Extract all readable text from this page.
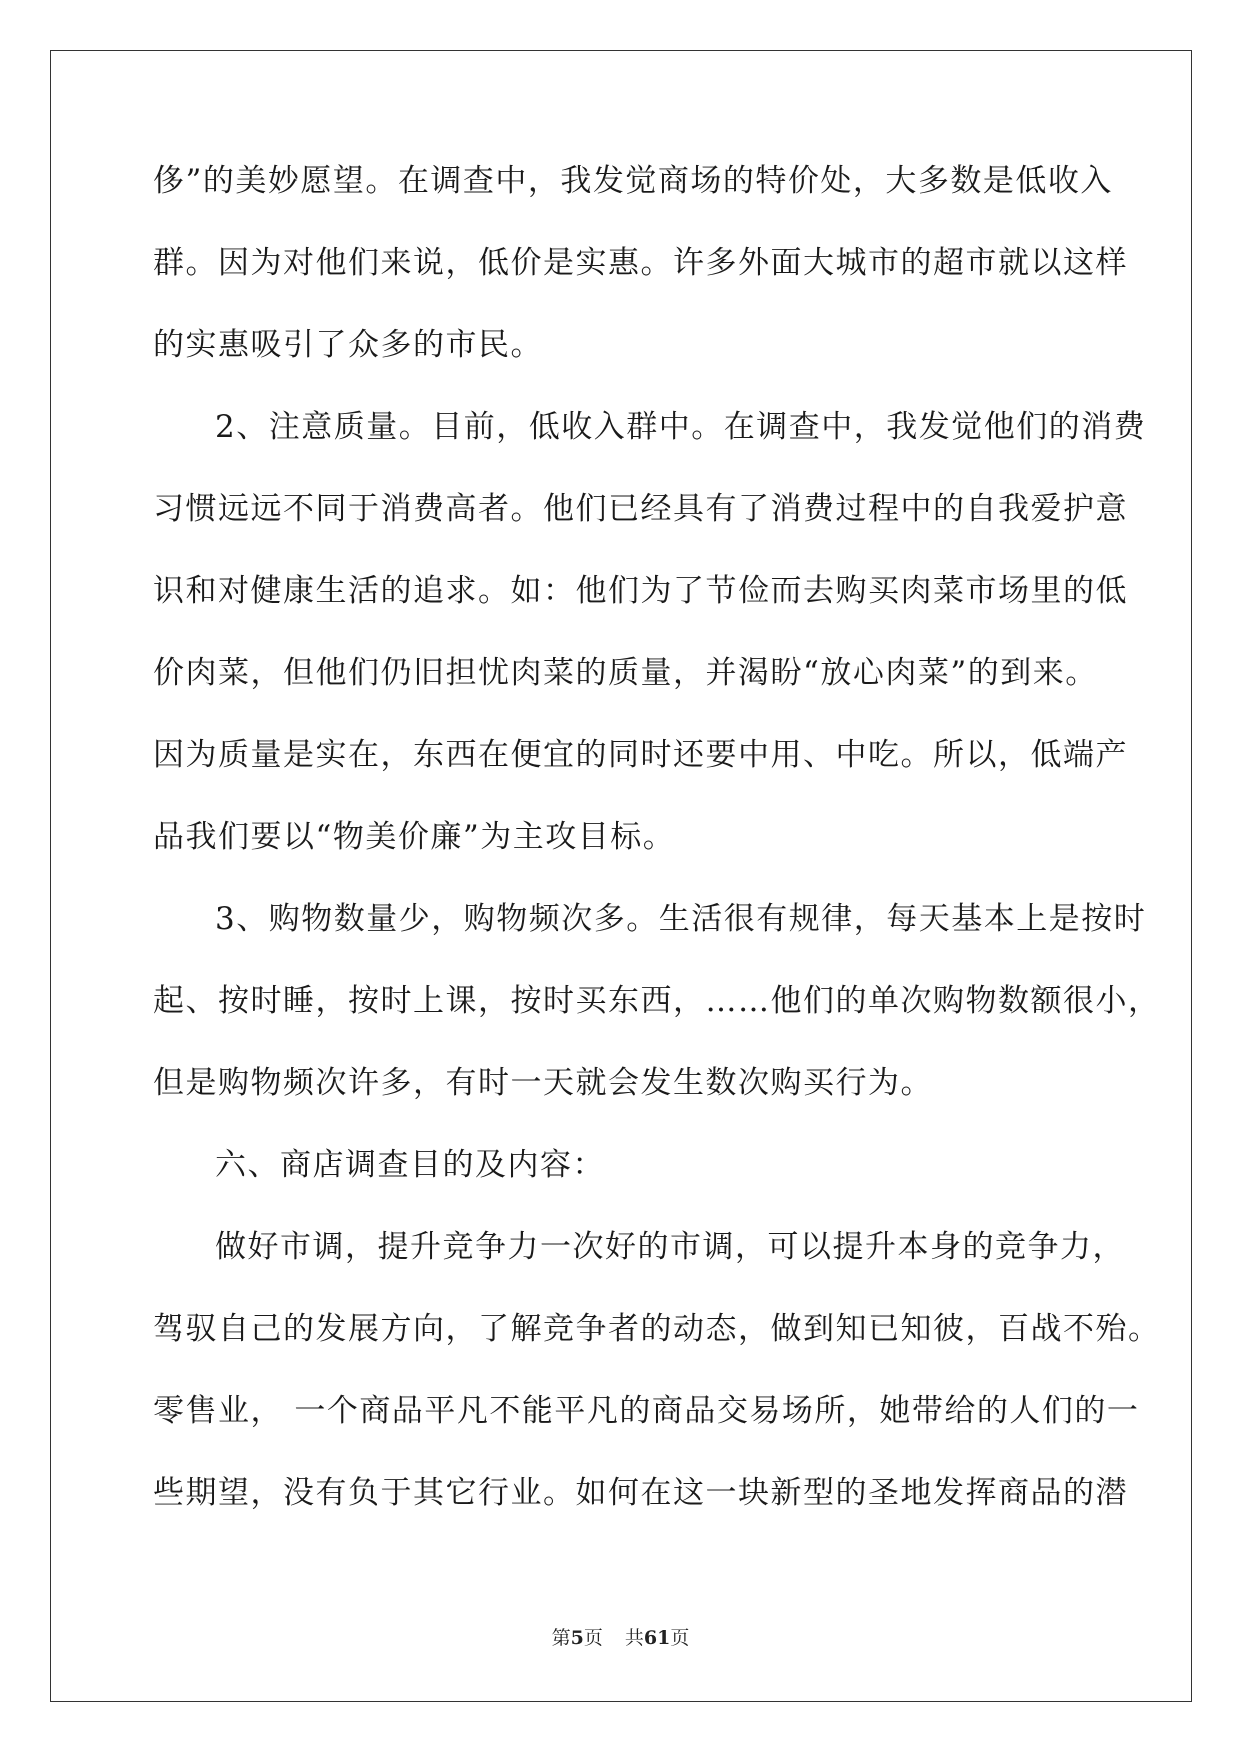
侈”的美妙愿望。在调查中，我发觉商场的特价处，大多数是低收入
群。因为对他们来说，低价是实惠。许多外面大城市的超市就以这样
的实惠吸引了众多的市民。
2、注意质量。目前，低收入群中。在调查中，我发觉他们的消费
习惯远远不同于消费高者。他们已经具有了消费过程中的自我爱护意
识和对健康生活的追求。如：他们为了节俭而去购买肉菜市场里的低
价肉菜，但他们仍旧担忧肉菜的质量，并渴盼“放心肉菜”的到来。
因为质量是实在，东西在便宜的同时还要中用、中吃。所以，低端产
品我们要以“物美价廉”为主攻目标。
3、购物数量少，购物频次多。生活很有规律，每天基本上是按时
起、按时睡，按时上课，按时买东西，……他们的单次购物数额很小，
但是购物频次许多，有时一天就会发生数次购买行为。
六、商店调查目的及内容：
做好市调，提升竞争力一次好的市调，可以提升本身的竞争力，
驾驭自己的发展方向，了解竞争者的动态，做到知已知彼，百战不殆。
零售业， 一个商品平凡不能平凡的商品交易场所，她带给的人们的一
些期望，没有负于其它行业。如何在这一块新型的圣地发挥商品的潜
第5页 共61页
